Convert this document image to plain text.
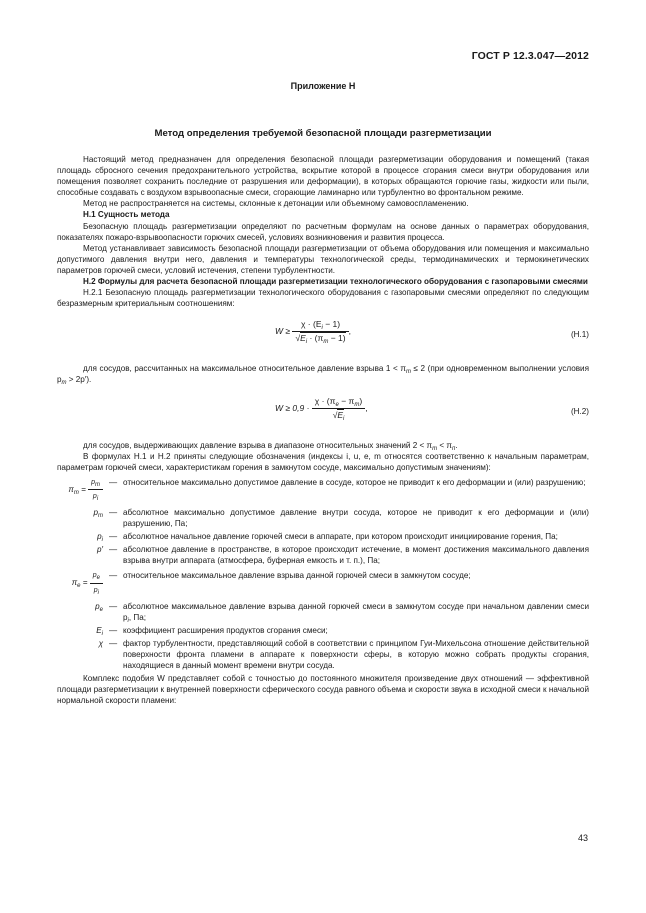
ГОСТ Р 12.3.047—2012
Приложение Н
Метод определения требуемой безопасной площади разгерметизации

Настоящий метод предназначен для определения безопасной площади разгерметизации оборудования и помещений (такая площадь сбросного сечения предохранительного устройства, вскрытие которой в процессе сгорания смеси внутри оборудования или помещения позволяет сохранить последние от разрушения или деформации), в которых обращаются горючие газы, жидкости или пыли, способные создавать с воздухом взрывоопасные смеси, сгорающие ламинарно или турбулентно во фронтальном режиме.

Метод не распространяется на системы, склонные к детонации или объемному самовоспламенению.

Н.1 Сущность метода

Безопасную площадь разгерметизации определяют по расчетным формулам на основе данных о параметрах оборудования, показателях пожаро-взрывоопасности горючих смесей, условиях возникновения и развития процесса.

Метод устанавливает зависимость безопасной площади разгерметизации от объема оборудования или помещения и максимально допустимого давления внутри него, давления и температуры технологической среды, термодинамических и термокинетических параметров горючей смеси, условий истечения, степени турбулентности.

Н.2 Формулы для расчета безопасной площади разгерметизации технологического оборудования с газопаровыми смесями

Н.2.1 Безопасную площадь разгерметизации технологического оборудования с газопаровыми смесями определяют по следующим безразмерным критериальным соотношениям:

$W \ge \frac{\chi \cdot (E_i - 1)}{√E_i \cdot (\pi_m - 1)}$ ,	(Н.1)

для сосудов, рассчитанных на максимальное относительное давление взрыва $1 < \pi_m \le 2$ (при одновременном выполнении условия $p_m > 2p'$).

$W \ge 0,9 \cdot \frac{\chi \cdot (\pi_e - \pi_m)}{√E_i}$ ,	(Н.2)

для сосудов, выдерживающих давление взрыва в диапазоне относительных значений $2 < \pi_m < \pi_п$.

В формулах Н.1 и Н.2 приняты следующие обозначения (индексы i, u, e, m относятся соответственно к начальным параметрам, параметрам горючей смеси, характеристикам горения в замкнутом сосуде, максимально допустимым значениям):

$\pi_m = \frac{p_m}{p_i}$ — относительное максимально допустимое давление в сосуде, которое не приводит к его деформации и (или) разрушению;
$p_m$ — абсолютное максимально допустимое давление внутри сосуда, которое не приводит к его деформации и (или) разрушению, Па;
$p_i$ — абсолютное начальное давление горючей смеси в аппарате, при котором происходит инициирование горения, Па;
p′ — абсолютное давление в пространстве, в которое происходит истечение, в момент достижения максимального давления взрыва внутри аппарата (атмосфера, буферная емкость и т. п.), Па;
$\pi_e = \frac{p_e}{p_i}$ — относительное максимальное давление взрыва данной горючей смеси в замкнутом сосуде;
$p_e$ — абсолютное максимальное давление взрыва данной горючей смеси в замкнутом сосуде при начальном давлении смеси $p_i$, Па;
$E_i$ — коэффициент расширения продуктов сгорания смеси;
χ — фактор турбулентности, представляющий собой в соответствии с принципом Гуи-Михельсона отношение действительной поверхности фронта пламени в аппарате к поверхности сферы, в которую можно собрать продукты сгорания, находящиеся в данный момент времени внутри сосуда.

Комплекс подобия W представляет собой с точностью до постоянного множителя произведение двух отношений — эффективной площади разгерметизации к внутренней поверхности сферического сосуда равного объема и скорости звука в исходной смеси к начальной нормальной скорости пламени:

43
